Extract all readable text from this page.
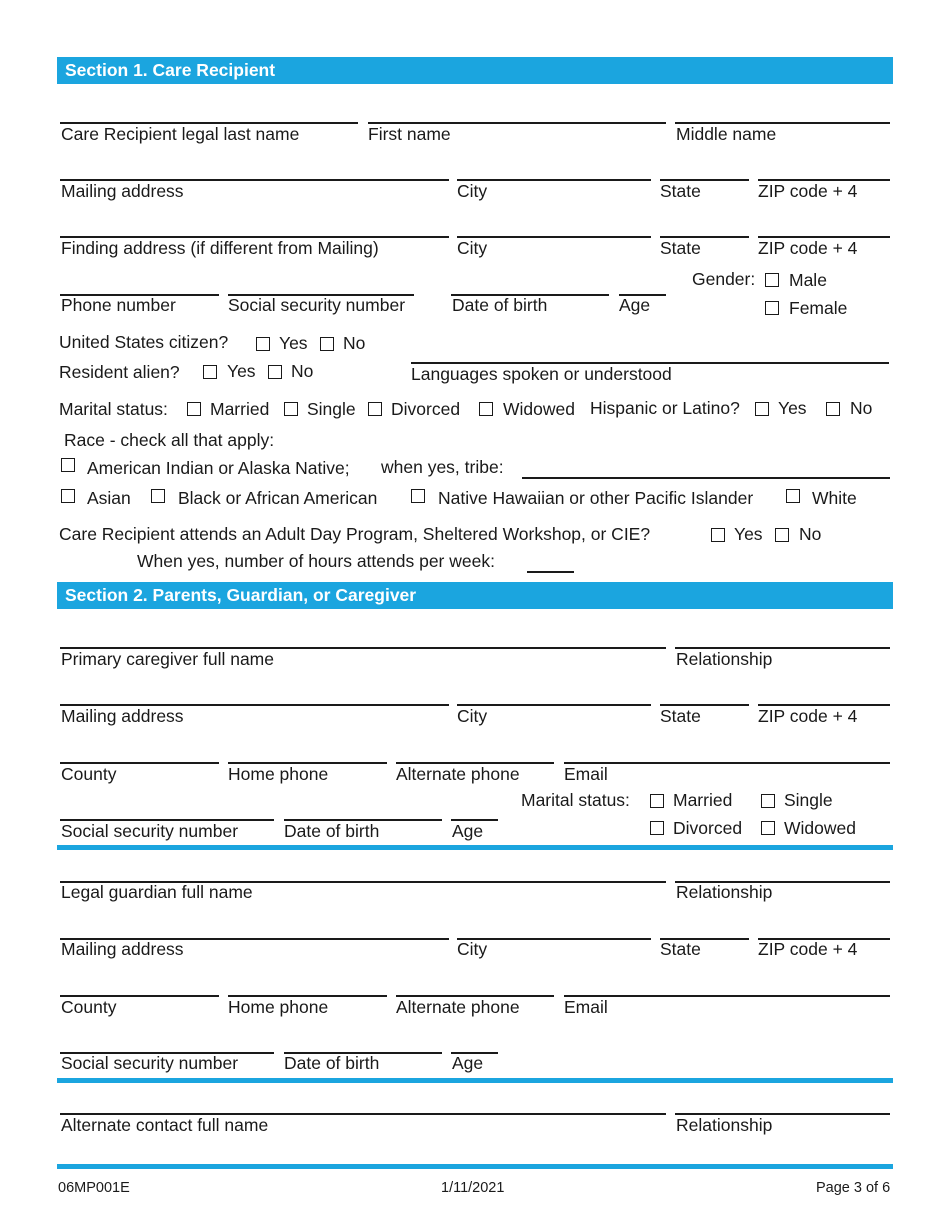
Section 1. Care Recipient
Care Recipient legal last name	First name	Middle name
Mailing address	City	State	ZIP code + 4
Finding address (if different from Mailing)	City	State	ZIP code + 4
Phone number	Social security number	Date of birth	Age
Gender: Male
Female
United States citizen?	Yes No
Resident alien?	Yes No	Languages spoken or understood
Marital status: Married Single Divorced Widowed Hispanic or Latino? Yes No
Race - check all that apply:
American Indian or Alaska Native; when yes, tribe:
Asian	Black or African American	Native Hawaiian or other Pacific Islander	White
Care Recipient attends an Adult Day Program, Sheltered Workshop, or CIE?	Yes No
When yes, number of hours attends per week:
Section 2. Parents, Guardian, or Caregiver
Primary caregiver full name	Relationship
Mailing address	City	State	ZIP code + 4
County	Home phone	Alternate phone	Email
Marital status: Married	Single
Divorced Widowed
Social security number	Date of birth	Age
Legal guardian full name	Relationship
Mailing address	City	State	ZIP code + 4
County	Home phone	Alternate phone	Email
Social security number	Date of birth	Age
Alternate contact full name	Relationship
06MP001E	1/11/2021	Page 3 of 6
